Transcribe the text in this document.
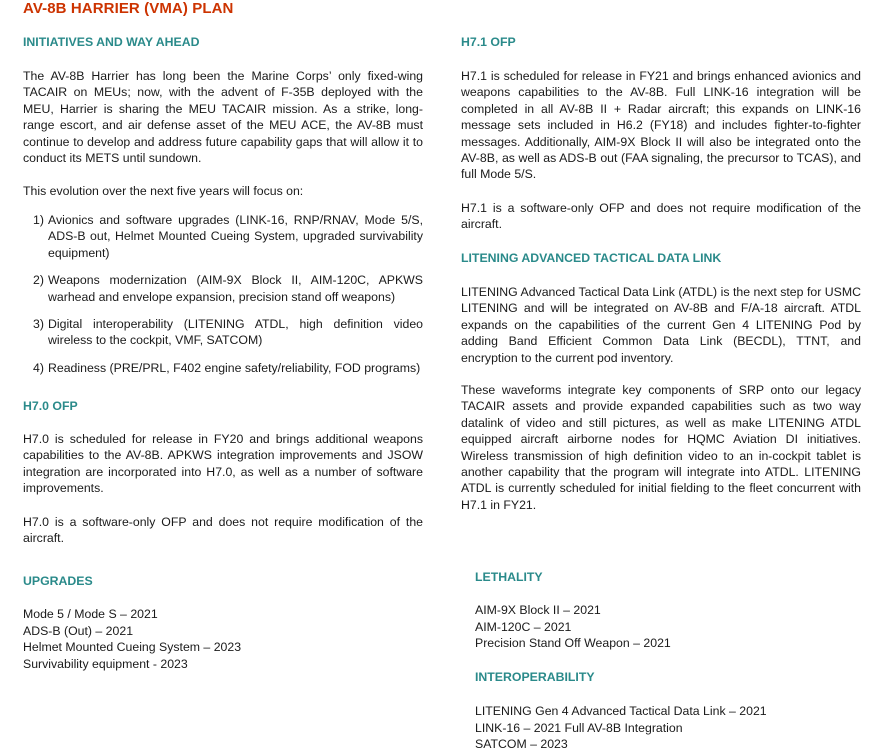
AV-8B HARRIER (VMA) PLAN
INITIATIVES AND WAY AHEAD

The AV-8B Harrier has long been the Marine Corps’ only fixed-wing TACAIR on MEUs; now, with the advent of F-35B deployed with the MEU, Harrier is sharing the MEU TACAIR mission. As a strike, long-range escort, and air defense asset of the MEU ACE, the AV-8B must continue to develop and address future capability gaps that will allow it to conduct its METS until sundown.

This evolution over the next five years will focus on:

1) Avionics and software upgrades (LINK-16, RNP/RNAV, Mode 5/S, ADS-B out, Helmet Mounted Cueing System, upgraded survivability equipment)
2) Weapons modernization (AIM-9X Block II, AIM-120C, APKWS warhead and envelope expansion, precision stand off weapons)
3) Digital interoperability (LITENING ATDL, high definition video wireless to the cockpit, VMF, SATCOM)
4) Readiness (PRE/PRL, F402 engine safety/reliability, FOD programs)
H7.0 OFP

H7.0 is scheduled for release in FY20 and brings additional weapons capabilities to the AV-8B. APKWS integration improvements and JSOW integration are incorporated into H7.0, as well as a number of software improvements.

H7.0 is a software-only OFP and does not require modification of the aircraft.

UPGRADES
Mode 5 / Mode S – 2021
ADS-B (Out) – 2021
Helmet Mounted Cueing System – 2023
Survivability equipment - 2023
H7.1 OFP

H7.1 is scheduled for release in FY21 and brings enhanced avionics and weapons capabilities to the AV-8B. Full LINK-16 integration will be completed in all AV-8B II + Radar aircraft; this expands on LINK-16 message sets included in H6.2 (FY18) and includes fighter-to-fighter messages. Additionally, AIM-9X Block II will also be integrated onto the AV-8B, as well as ADS-B out (FAA signaling, the precursor to TCAS), and full Mode 5/S.

H7.1 is a software-only OFP and does not require modification of the aircraft.

LITENING ADVANCED TACTICAL DATA LINK

LITENING Advanced Tactical Data Link (ATDL) is the next step for USMC LITENING and will be integrated on AV-8B and F/A-18 aircraft. ATDL expands on the capabilities of the current Gen 4 LITENING Pod by adding Band Efficient Common Data Link (BECDL), TTNT, and encryption to the current pod inventory.

These waveforms integrate key components of SRP onto our legacy TACAIR assets and provide expanded capabilities such as two way datalink of video and still pictures, as well as make LITENING ATDL equipped aircraft airborne nodes for HQMC Aviation DI initiatives. Wireless transmission of high definition video to an in-cockpit tablet is another capability that the program will integrate into ATDL. LITENING ATDL is currently scheduled for initial fielding to the fleet concurrent with H7.1 in FY21.

LETHALITY
AIM-9X Block II – 2021
AIM-120C – 2021
Precision Stand Off Weapon – 2021
INTEROPERABILITY
LITENING Gen 4 Advanced Tactical Data Link – 2021
LINK-16 – 2021 Full AV-8B Integration
SATCOM – 2023
